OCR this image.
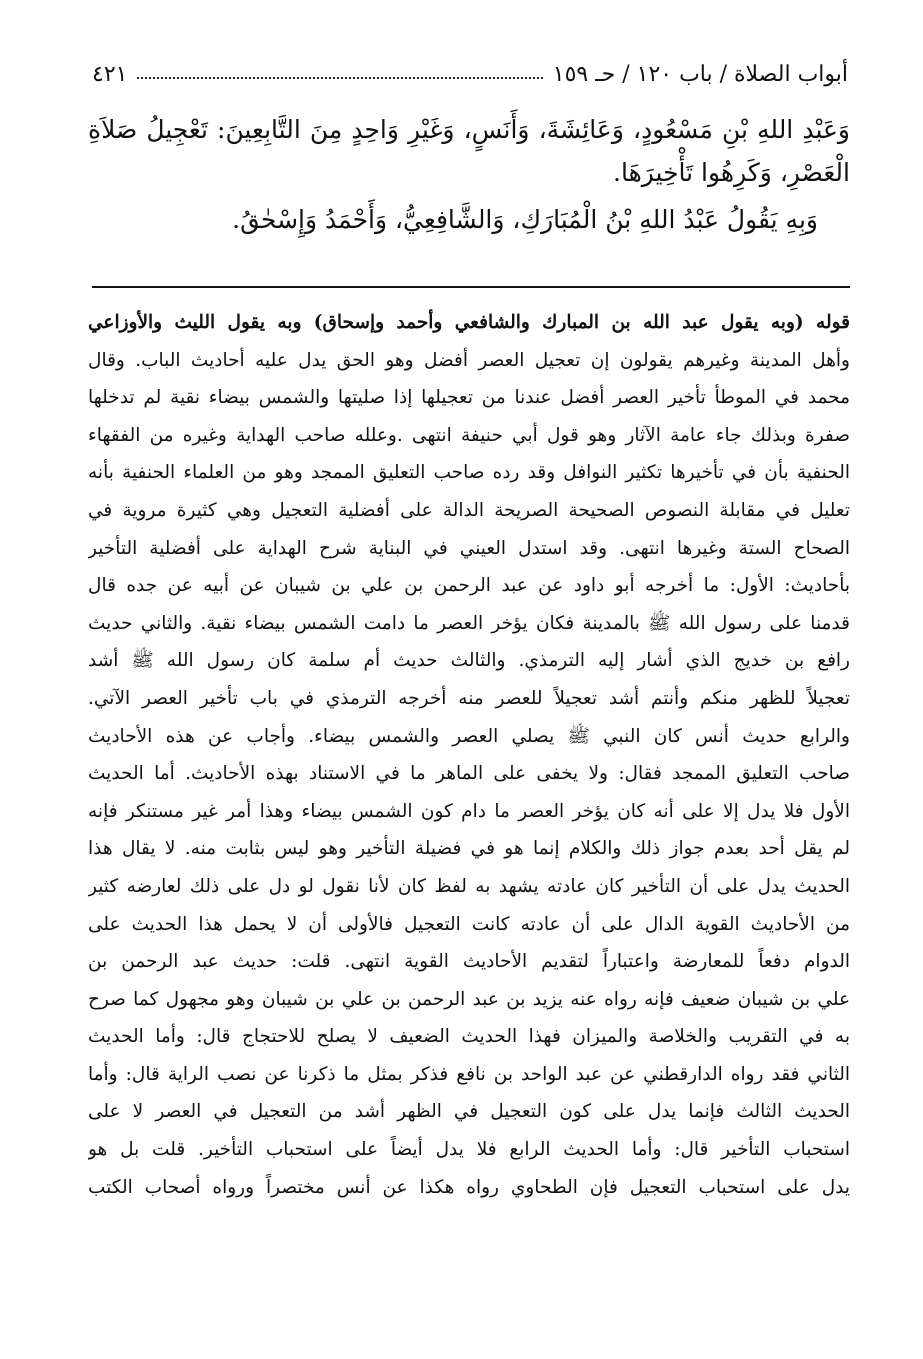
أبواب الصلاة / باب ١٢٠ / حـ ١٥٩
٤٢١

وَعَبْدِ اللهِ بْنِ مَسْعُودٍ، وَعَائِشَةَ، وَأَنَسٍ، وَغَيْرِ وَاحِدٍ مِنَ التَّابِعِينَ: تَعْجِيلُ صَلاَةِ الْعَصْرِ، وَكَرِهُوا تَأْخِيرَهَا.

وَبِهِ يَقُولُ عَبْدُ اللهِ بْنُ الْمُبَارَكِ، وَالشَّافِعِيُّ، وَأَحْمَدُ وَإِسْحٰقُ.

قوله (وبه يقول عبد الله بن المبارك والشافعي وأحمد وإسحاق) وبه يقول الليث والأوزاعي
وأهل المدينة وغيرهم يقولون إن تعجيل العصر أفضل وهو الحق يدل عليه أحاديث الباب. وقال
محمد في الموطأ تأخير العصر أفضل عندنا من تعجيلها إذا صليتها والشمس بيضاء نقية لم تدخلها
صفرة وبذلك جاء عامة الآثار وهو قول أبي حنيفة انتهى .وعلله صاحب الهداية وغيره من الفقهاء
الحنفية بأن في تأخيرها تكثير النوافل وقد رده صاحب التعليق الممجد وهو من العلماء الحنفية بأنه
تعليل في مقابلة النصوص الصحيحة الصريحة الدالة على أفضلية التعجيل وهي كثيرة مروية في
الصحاح الستة وغيرها انتهى. وقد استدل العيني في البناية شرح الهداية على أفضلية التأخير
بأحاديث: الأول: ما أخرجه أبو داود عن عبد الرحمن بن علي بن شيبان عن أبيه عن جده قال
قدمنا على رسول الله ﷺ بالمدينة فكان يؤخر العصر ما دامت الشمس بيضاء نقية. والثاني حديث
رافع بن خديج الذي أشار إليه الترمذي. والثالث حديث أم سلمة كان رسول الله ﷺ أشد
تعجيلاً للظهر منكم وأنتم أشد تعجيلاً للعصر منه أخرجه الترمذي في باب تأخير العصر الآتي.
والرابع حديث أنس كان النبي ﷺ يصلي العصر والشمس بيضاء. وأجاب عن هذه الأحاديث
صاحب التعليق الممجد فقال: ولا يخفى على الماهر ما في الاستناد بهذه الأحاديث. أما الحديث
الأول فلا يدل إلا على أنه كان يؤخر العصر ما دام كون الشمس بيضاء وهذا أمر غير مستنكر فإنه
لم يقل أحد بعدم جواز ذلك والكلام إنما هو في فضيلة التأخير وهو ليس بثابت منه. لا يقال هذا
الحديث يدل على أن التأخير كان عادته يشهد به لفظ كان لأنا نقول لو دل على ذلك لعارضه كثير
من الأحاديث القوية الدال على أن عادته كانت التعجيل فالأولى أن لا يحمل هذا الحديث على
الدوام دفعاً للمعارضة واعتباراً لتقديم الأحاديث القوية انتهى. قلت: حديث عبد الرحمن بن
علي بن شيبان ضعيف فإنه رواه عنه يزيد بن عبد الرحمن بن علي بن شيبان وهو مجهول كما صرح
به في التقريب والخلاصة والميزان فهذا الحديث الضعيف لا يصلح للاحتجاج قال: وأما الحديث
الثاني فقد رواه الدارقطني عن عبد الواحد بن نافع فذكر بمثل ما ذكرنا عن نصب الراية قال: وأما
الحديث الثالث فإنما يدل على كون التعجيل في الظهر أشد من التعجيل في العصر لا على
استحباب التأخير قال: وأما الحديث الرابع فلا يدل أيضاً على استحباب التأخير. قلت بل هو
يدل على استحباب التعجيل فإن الطحاوي رواه هكذا عن أنس مختصراً ورواه أصحاب الكتب
